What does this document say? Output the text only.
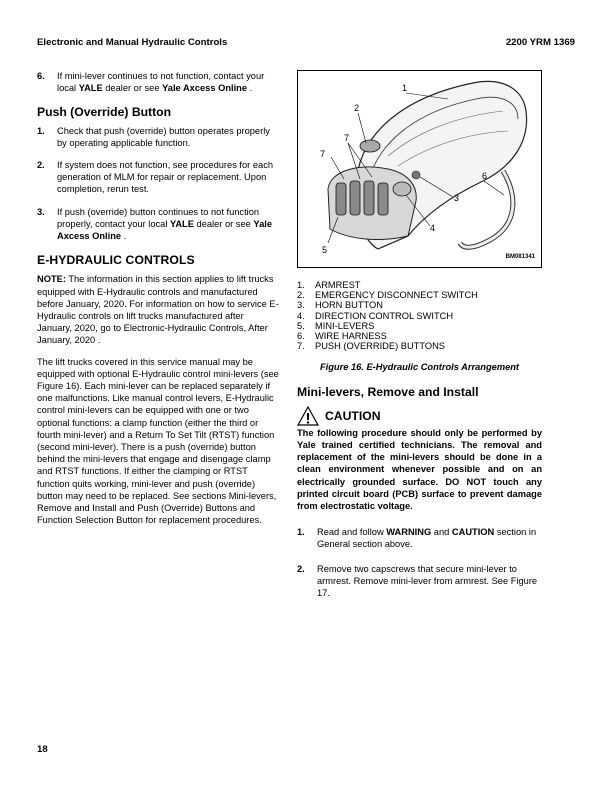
Electronic and Manual Hydraulic Controls	2200 YRM 1369
6.	If mini-lever continues to not function, contact your local YALE dealer or see Yale Axcess Online .

Push (Override) Button

1.	Check that push (override) button operates properly by operating applicable function.
2.	If system does not function, see procedures for each generation of MLM for repair or replacement. Upon completion, rerun test.
3.	If push (override) button continues to not function properly, contact your local YALE dealer or see Yale Axcess Online .

E-HYDRAULIC CONTROLS

NOTE: The information in this section applies to lift trucks equipped with E-Hydraulic controls and manufactured before January, 2020. For information on how to service E-Hydraulic controls on lift trucks manufactured after January, 2020, go to Electronic-Hydraulic Controls, After January, 2020 .

The lift trucks covered in this service manual may be equipped with optional E-Hydraulic control mini-levers (see Figure 16). Each mini-lever can be replaced separately if one malfunctions. Like manual control levers, E-Hydraulic control mini-levers can be equipped with one or two optional functions: a clamp function (either the third or fourth mini-lever) and a Return To Set Tilt (RTST) function (second mini-lever). There is a push (override) button behind the mini-levers that engage and disengage clamp and RTST functions. If either the clamping or RTST function quits working, mini-lever and push (override) button may need to be replaced. See sections Mini-levers, Remove and Install and Push (Override) Buttons and Function Selection Button for replacement procedures.

1
2
7
7
3
6
4
5
BM081341
1.	ARMREST
2.	EMERGENCY DISCONNECT SWITCH
3.	HORN BUTTON
4.	DIRECTION CONTROL SWITCH
5.	MINI-LEVERS
6.	WIRE HARNESS
7.	PUSH (OVERRIDE) BUTTONS
Figure 16. E-Hydraulic Controls Arrangement

Mini-levers, Remove and Install

CAUTION

The following procedure should only be performed by Yale trained certified technicians. The removal and replacement of the mini-levers should be done in a clean environment whenever possible and on an electrically grounded surface. DO NOT touch any printed circuit board (PCB) surface to prevent damage from electrostatic voltage.

1.	Read and follow WARNING and CAUTION section in General section above.
2.	Remove two capscrews that secure mini-lever to armrest. Remove mini-lever from armrest. See Figure 17.
18
